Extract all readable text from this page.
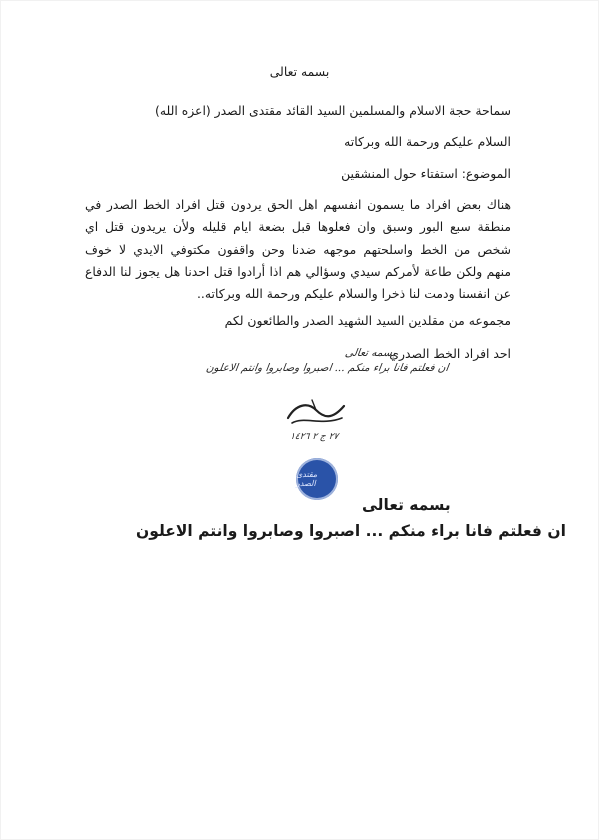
بسمه تعالى
سماحة حجة الاسلام والمسلمين السيد القائد مقتدى الصدر (اعزه الله)
السلام عليكم ورحمة الله وبركاته
الموضوع: استفتاء حول المنشقين
هناك بعض افراد ما يسمون انفسهم اهل الحق يردون قتل افراد الخط الصدر في
منطقة سبع البور وسبق وان فعلوها قبل بضعة ايام قليله ولأن يريدون قتل اي
شخص من الخط واسلحتهم موجهه ضدنا وحن واقفون مكتوفي الايدي لا خوف
منهم ولكن طاعة لأمركم سيدي وسؤالي هم اذا أرادوا قتل احدنا هل يجوز لنا الدفاع
عن انفسنا ودمت لنا ذخرا والسلام عليكم ورحمة الله وبركاته..
مجموعه من مقلدين السيد الشهيد الصدر والطائعون لكم
احد افراد الخط الصدري
بسمه تعالى
ان فعلتم فانا براء منكم ... اصبروا وصابروا وانتم الاعلون
٢٧ ج ٢ ١٤٢٦
مقتدى الصدر
بسمه تعالى
ان فعلتم فانا براء منكم ... اصبروا وصابروا وانتم الاعلون
